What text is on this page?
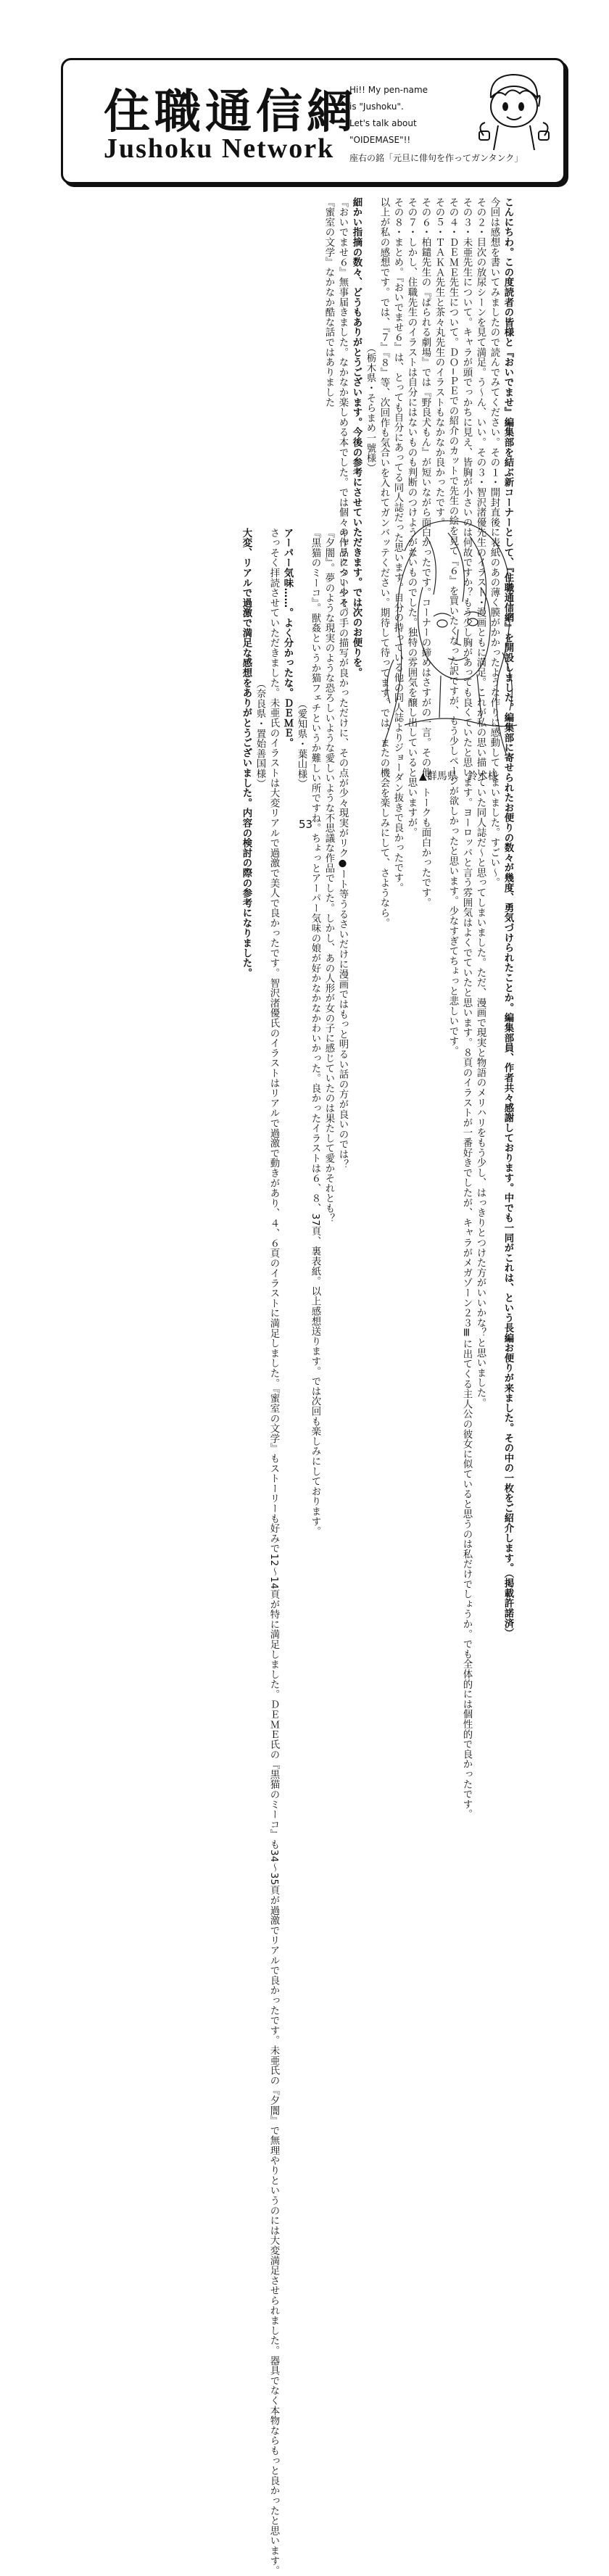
住職通信網
Jushoku Network
Hi!! My pen-name
is "Jushoku".
Let's talk about
"OIDEMASE"!!
座右の銘「元旦に俳句を作ってガンタンク」

こんにちわ。この度読者の皆様と『おいでませ』編集部を結ぶ新コーナーとして、『住職通信網』を開設しました。編集部に寄せられたお便りの数々が幾度、勇気づけられたことか。編集部員、作者共々感謝しております。中でも一同がこれは、という長編お便りが来ました。その中の一枚をご紹介します。（掲載許諾済）

今回は感想を書いてみましたので読んでみてください。その１・開封直後に表紙のあの薄く膜がかかったような作りに感動してしまいました。すごい〜。

その２・目次の放尿シーンを見て満足。う〜ん、いい。その３・智沢渚優先生のイラスト・漫画ともに満足。これが私の思い描いていた同人誌だ〜と思ってしまいました。ただ、漫画で現実と物語のメリハリをもう少し、はっきりとつけた方がいいかな？と思いました。

その３・未亜先生について。キャラが頭でっかちに見え、皆胸が小さいのは何故ですか？もう少し胸があっても良くていたと思います。ヨーロッパと言う雰囲気はよくでていたと思います。８頁のイラストが一番好きでしたが、キャラがメガゾーン２３Ⅲに出てくる主人公の彼女に似ていると思うのは私だけでしょうか。でも全体的には個性的で良かったです。

その４・ＤＥＭＥ先生について。ＤＯ−ＰＥでの紹介のカットで先生の絵を見て『６』を買いたくなった訳ですが、もう少しページが欲しかったと思います。少なすぎてちょっと悲しいです。

その５・ＴＡＫＡ先生と茶々丸先生のイラストもなかなか良かったです。

その６・柏鑓先生の『ぱられる劇場』では『野良犬もん』が短いながら面白かったです。コーナーの締めはさすがの一言。その他、トークも面白かったです。

その７・しかし、住職先生のイラストは自分にはないものも判断のつけようがないものでした。独特の雰囲気を醸し出していると思いますが。

その８・まとめ。『おいでませ６』は、とっても自分にあってる同人誌だった思います。自分の持っている他の同人誌よりジョーダン抜きで良かったです。

以上が私の感想です。では、『７』『８』等、次回作も気合いを入れてガンバッテください。期待して待ってます。では、またの機会を楽しみにして、さようなら。

（栃木県・そらまめ一號様）

細かい指摘の数々、どうもありがとうございます。今後の参考にさせていただきます。では次のお便りを。

『おいでませ６』無事届きました。なかなか楽しめる本でした。では個々の作品につい少々。

『蜜室の文学』なかなか酷な話ではありました

キャラクターやその手の描写が良かっただけに、その点が少々現実がリク●ート等うるさいだけに漫画ではもっと明るい話の方が良いのでは？

『夕闇』。夢のような現実のような恐ろしいような愛しいような不思議な作品でした。しかし、あの人形が女の子に感じていたのは果たして愛かそれとも？

『黒猫のミーコ』。獣姦というか猫フェチというか難しい所ですね。ちょっとアーパー気味の娘が好かなかなかわいかった。良かったイラストは６、８、37頁、裏表紙。以上感想送ります。では次回も楽しみにしております。

（愛知県・葉山様）

アーパー気味……。よく分かったな。ＤＥＭＥ。

さっそく拝読させていただきました。未亜氏のイラストは大変リアルで過激で美人で良かったです。智沢渚優氏のイラストはリアルで過激で動きがあり、４、６頁のイラストに満足しました。『蜜室の文学』もストーリーも好みで12〜14頁が特に満足しました。ＤＥＭＥ氏の『黒猫のミーコ』も34〜35頁が過激でリアルで良かったです。未亜氏の『夕闇』で無理やりというのには大変満足させられました。器具でなく本物ならもっと良かったと思います。

（奈良県・置始善国様）

大変、リアルで過激で満足な感想をありがとうございました。内容の検討の際の参考になりました。	▲群馬県　鈴木様
53
